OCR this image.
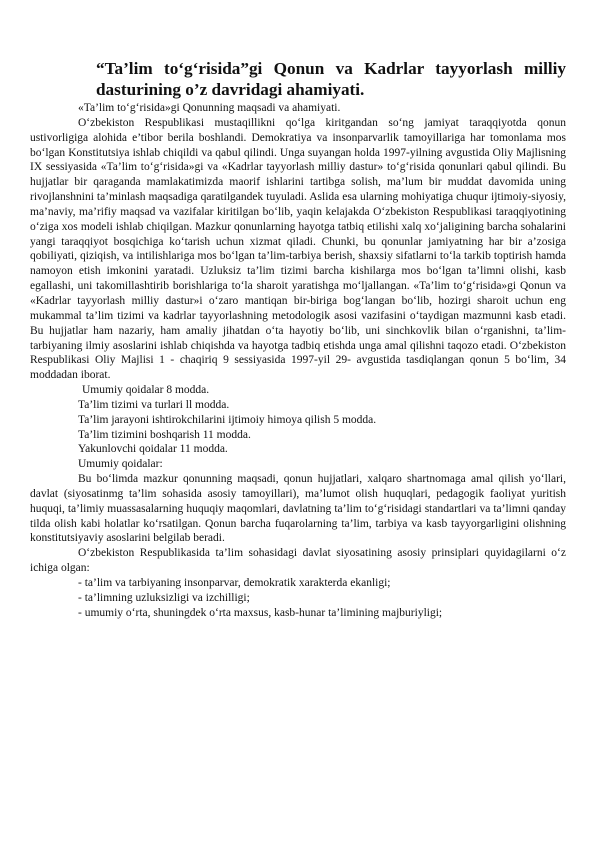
“Ta’lim to‘g‘risida”gi Qonun va Kadrlar tayyorlash milliy
dasturining o’z davridagi ahamiyati.

«Ta’lim to‘g‘risida»gi Qonunning maqsadi va ahamiyati.

O‘zbekiston Respublikasi mustaqillikni qo‘lga kiritgandan so‘ng jamiyat taraqqiyotda qonun ustivorligiga alohida e’tibor berila boshlandi. Demokratiya va insonparvarlik tamoyillariga har tomonlama mos bo‘lgan Konstitutsiya ishlab chiqildi va qabul qilindi. Unga suyangan holda 1997-yilning avgustida Oliy Majlisning IX sessiyasida «Ta’lim to‘g‘risida»gi va «Kadrlar tayyorlash milliy dastur» to‘g‘risida qonunlari qabul qilindi. Bu hujjatlar bir qaraganda mamlakatimizda maorif ishlarini tartibga solish, ma’lum bir muddat davomida uning rivojlanshnini ta’minlash maqsadiga qaratilgandek tuyuladi. Aslida esa ularning mohiyatiga chuqur ijtimoiy-siyosiy, ma’naviy, ma’rifiy maqsad va vazifalar kiritilgan bo‘lib, yaqin kelajakda O‘zbekiston Respublikasi taraqqiyotining o‘ziga xos modeli ishlab chiqilgan. Mazkur qonunlarning hayotga tatbiq etilishi xalq xo‘jaligining barcha sohalarini yangi taraqqiyot bosqichiga ko‘tarish uchun xizmat qiladi. Chunki, bu qonunlar jamiyatning har bir a’zosiga qobiliyati, qiziqish, va intilishlariga mos bo‘lgan ta’lim-tarbiya berish, shaxsiy sifatlarni to‘la tarkib toptirish hamda namoyon etish imkonini yaratadi. Uzluksiz ta’lim tizimi barcha kishilarga mos bo‘lgan ta’limni olishi, kasb egallashi, uni takomillashtirib borishlariga to‘la sharoit yaratishga mo‘ljallangan. «Ta’lim to‘g‘risida»gi Qonun va «Kadrlar tayyorlash milliy dastur»i o‘zaro mantiqan bir-biriga bog‘langan bo‘lib, hozirgi sharoit uchun eng mukammal ta’lim tizimi va kadrlar tayyorlashning metodologik asosi vazifasini o‘taydigan mazmunni kasb etadi. Bu hujjatlar ham nazariy, ham amaliy jihatdan o‘ta hayotiy bo‘lib, uni sinchkovlik bilan o‘rganishni, ta’lim-tarbiyaning ilmiy asoslarini ishlab chiqishda va hayotga tadbiq etishda unga amal qilishni taqozo etadi. O‘zbekiston Respublikasi Oliy Majlisi 1 - chaqiriq 9 sessiyasida 1997-yil 29- avgustida tasdiqlangan qonun 5 bo‘lim, 34 moddadan iborat.

Umumiy qoidalar 8 modda.

Ta’lim tizimi va turlari ll modda.

Ta’lim jarayoni ishtirokchilarini ijtimoiy himoya qilish 5 modda.

Ta’lim tizimini boshqarish 11 modda.

Yakunlovchi qoidalar 11 modda.

Umumiy qoidalar:

Bu bo‘limda mazkur qonunning maqsadi, qonun hujjatlari, xalqaro shartnomaga amal qilish yo‘llari, davlat (siyosatinmg ta’lim sohasida asosiy tamoyillari), ma’lumot olish huquqlari, pedagogik faoliyat yuritish huquqi, ta’limiy muassasalarning huquqiy maqomlari, davlatning ta’lim to‘g‘risidagi standartlari va ta’limni qanday tilda olish kabi holatlar ko‘rsatilgan. Qonun barcha fuqarolarning ta’lim, tarbiya va kasb tayyorgarligini olishning konstitutsiyaviy asoslarini belgilab beradi.

O‘zbekiston Respublikasida ta’lim sohasidagi davlat siyosatining asosiy prinsiplari quyidagilarni o‘z ichiga olgan:

- ta’lim va tarbiyaning insonparvar, demokratik xarakterda ekanligi;

- ta’limning uzluksizligi va izchilligi;

- umumiy o‘rta, shuningdek o‘rta maxsus, kasb-hunar ta’limining majburiyligi;
